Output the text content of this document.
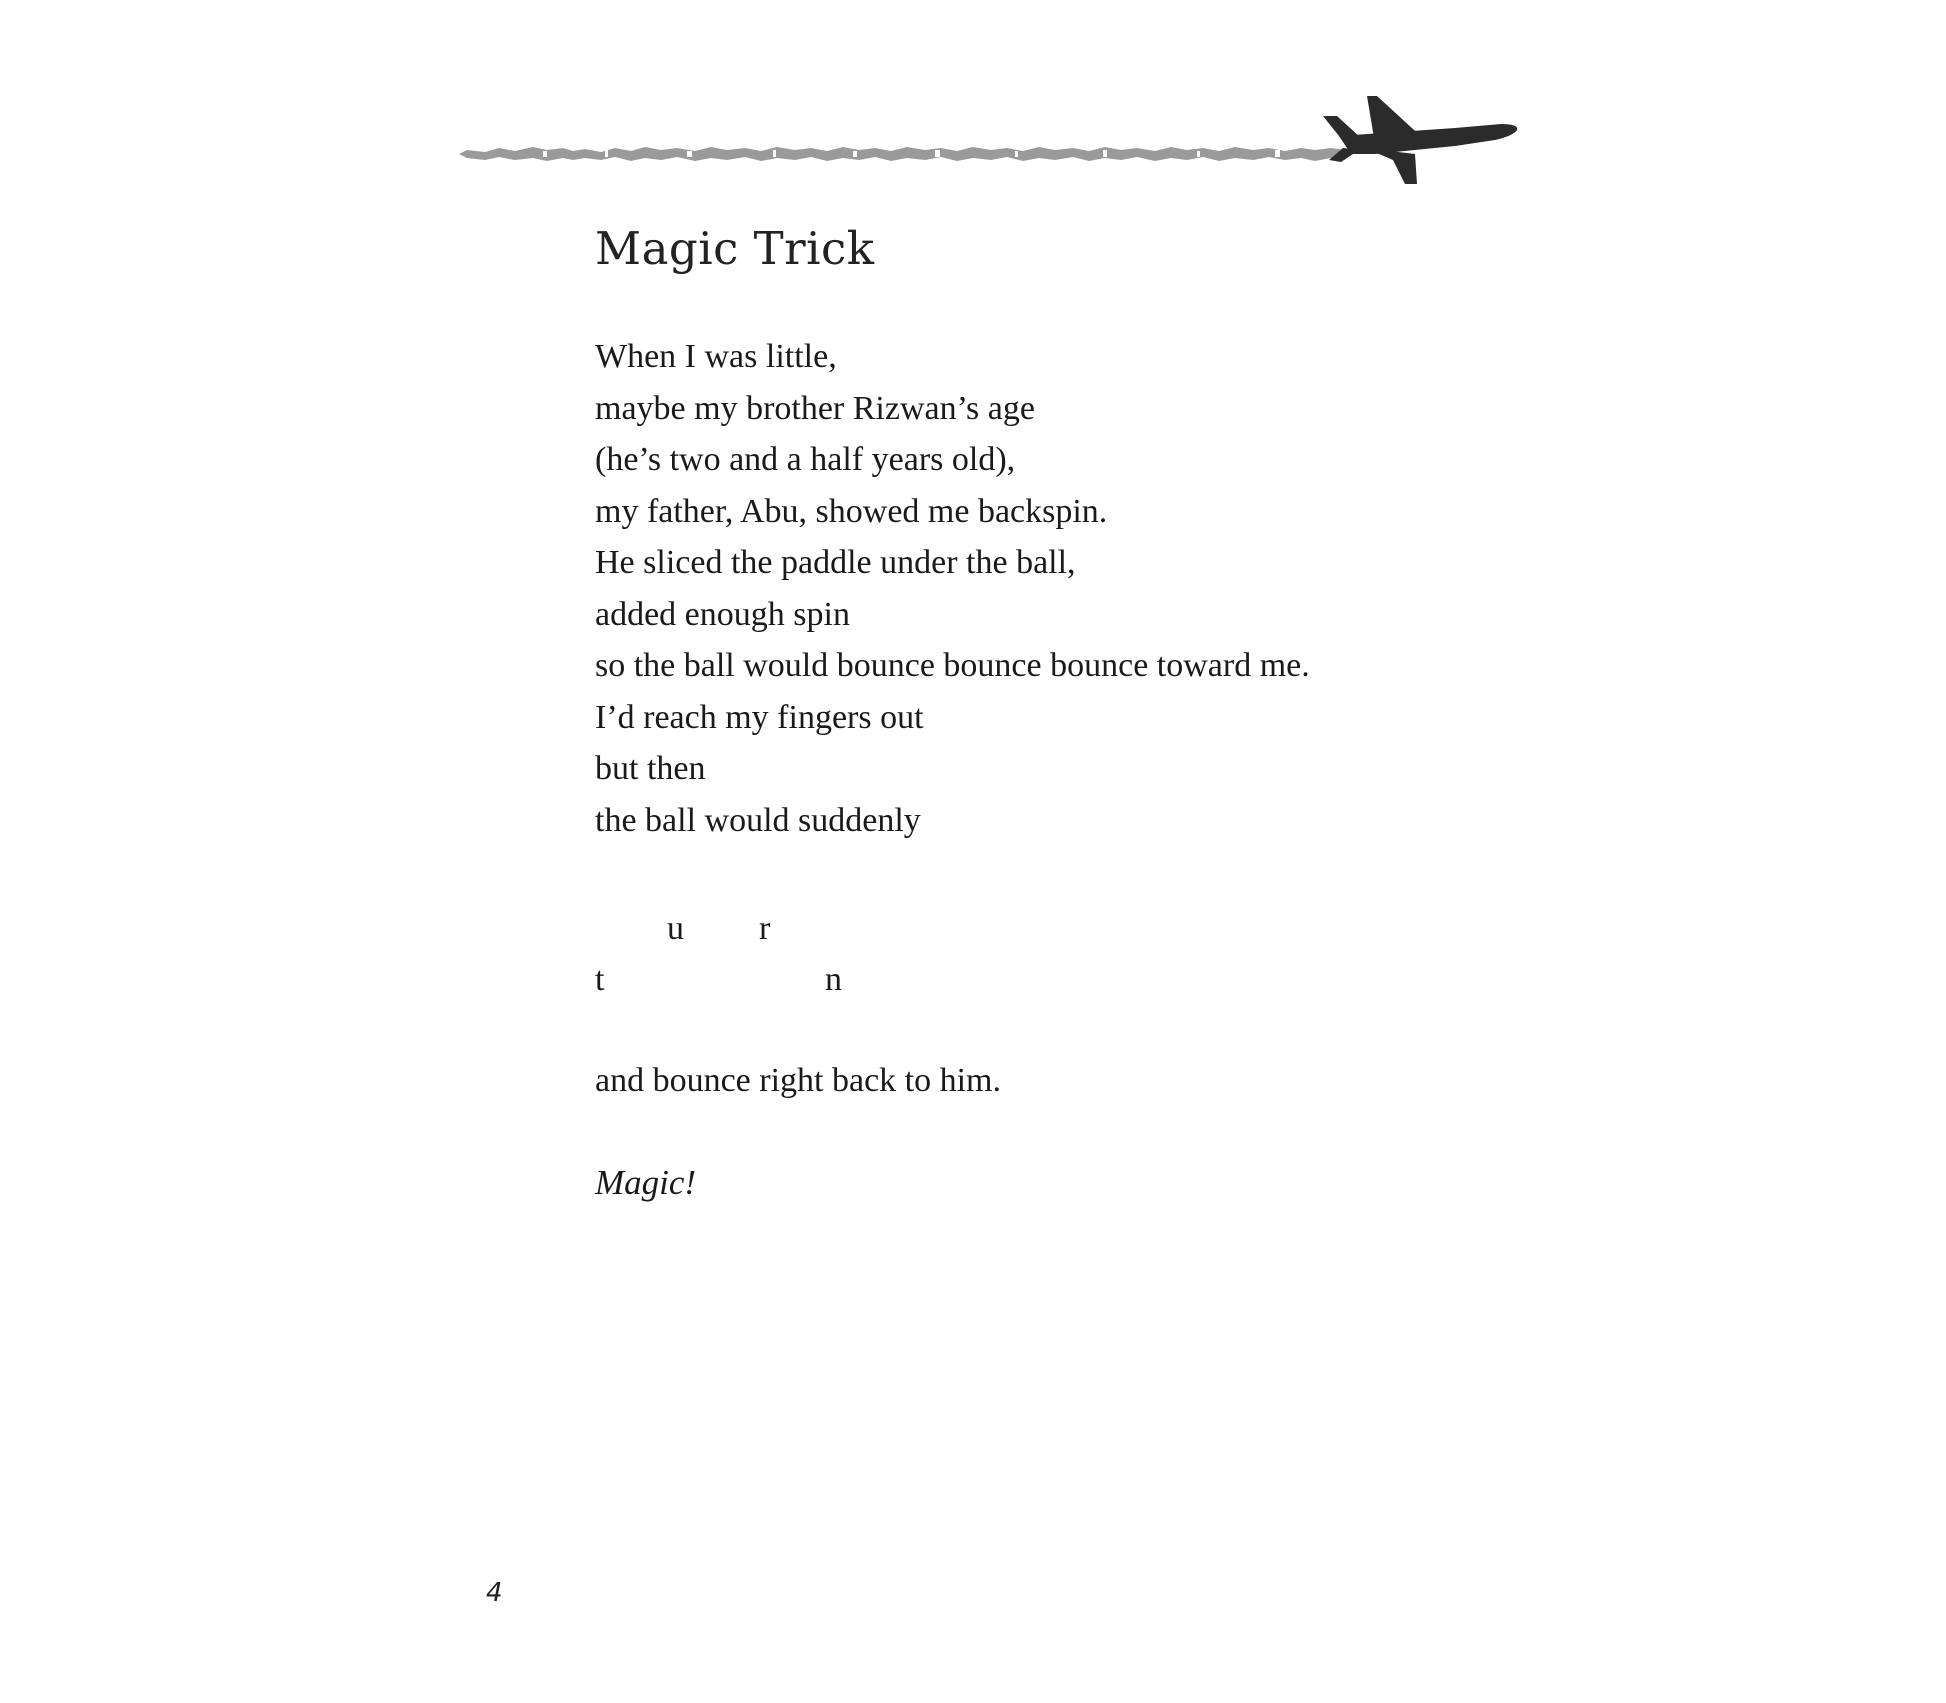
Magic Trick
When I was little,
maybe my brother Rizwan’s age
(he’s two and a half years old),
my father, Abu, showed me backspin.
He sliced the paddle under the ball,
added enough spin
so the ball would bounce bounce bounce toward me.
I’d reach my fingers out
but then
the ball would suddenly
t
u r
n
and bounce right back to him.
Magic!
4
